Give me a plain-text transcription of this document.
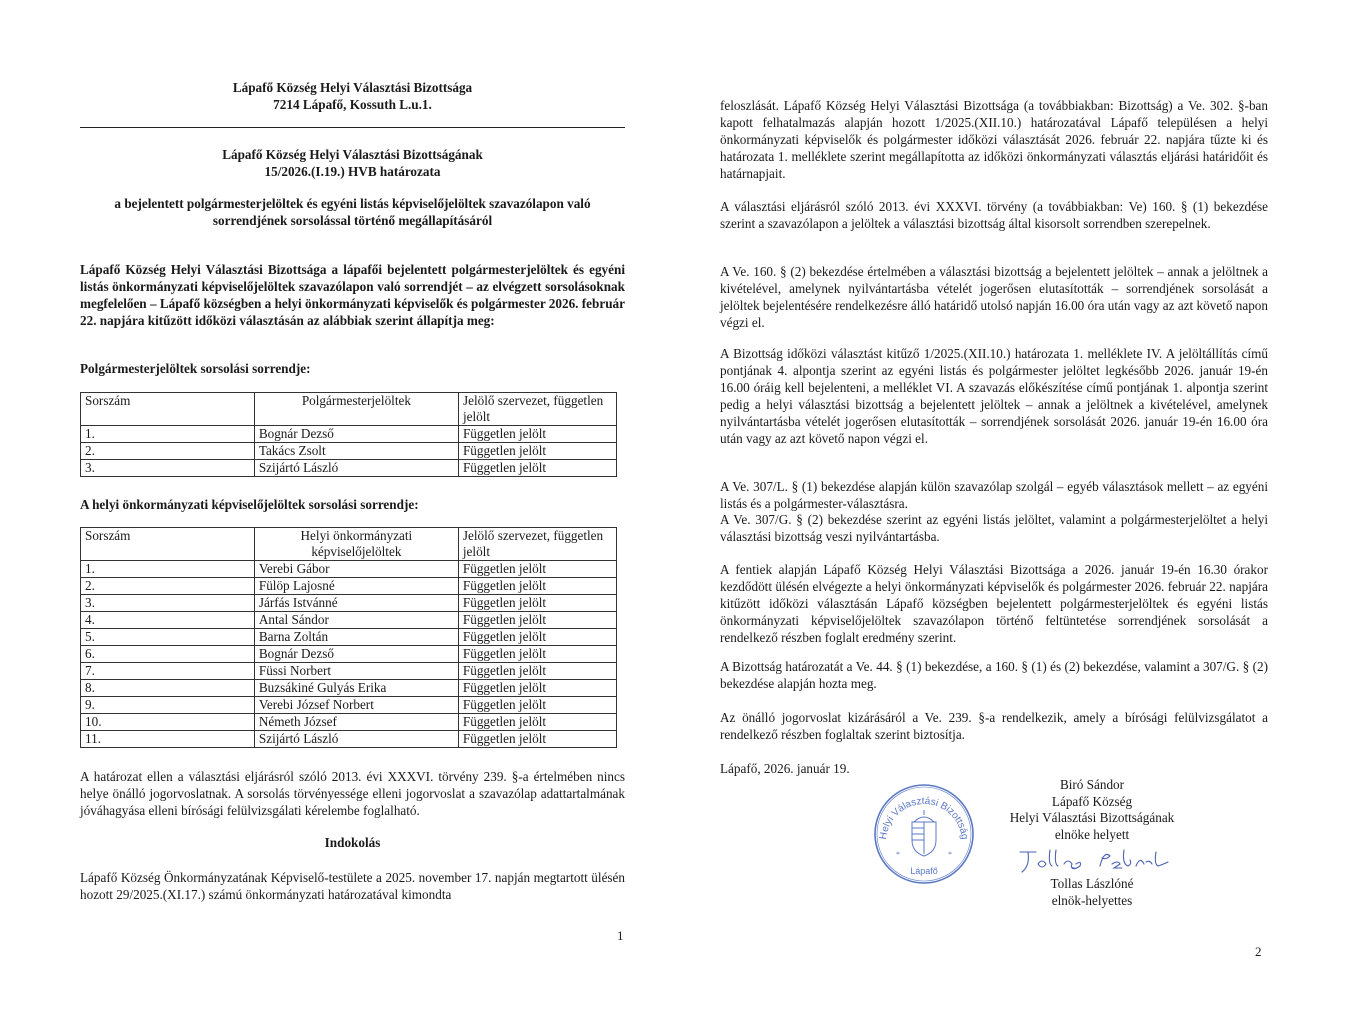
Lápafő Község Helyi Választási Bizottsága
7214 Lápafő, Kossuth L.u.1.
Lápafő Község Helyi Választási Bizottságának
15/2026.(I.19.) HVB határozata
a bejelentett polgármesterjelöltek és egyéni listás képviselőjelöltek szavazólapon való sorrendjének sorsolással történő megállapításáról
Lápafő Község Helyi Választási Bizottsága a lápafői bejelentett polgármesterjelöltek és egyéni listás önkormányzati képviselőjelöltek szavazólapon való sorrendjét – az elvégzett sorsolásoknak megfelelően – Lápafő községben a helyi önkormányzati képviselők és polgármester 2026. február 22. napjára kitűzött időközi választásán az alábbiak szerint állapítja meg:
Polgármesterjelöltek sorsolási sorrendje:
Sorszám	Polgármesterjelöltek	Jelölő szervezet, független jelölt
1.	Bognár Dezső	Független jelölt
2.	Takács Zsolt	Független jelölt
3.	Szijártó László	Független jelölt
A helyi önkormányzati képviselőjelöltek sorsolási sorrendje:
Sorszám	Helyi önkormányzati képviselőjelöltek	Jelölő szervezet, független jelölt
1.	Verebi Gábor	Független jelölt
2.	Fülöp Lajosné	Független jelölt
3.	Járfás Istvánné	Független jelölt
4.	Antal Sándor	Független jelölt
5.	Barna Zoltán	Független jelölt
6.	Bognár Dezső	Független jelölt
7.	Füssi Norbert	Független jelölt
8.	Buzsákiné Gulyás Erika	Független jelölt
9.	Verebi József Norbert	Független jelölt
10.	Németh József	Független jelölt
11.	Szijártó László	Független jelölt
A határozat ellen a választási eljárásról szóló 2013. évi XXXVI. törvény 239. §-a értelmében nincs helye önálló jogorvoslatnak. A sorsolás törvényessége elleni jogorvoslat a szavazólap adattartalmának jóváhagyása elleni bírósági felülvizsgálati kérelembe foglalható.
Indokolás
Lápafő Község Önkormányzatának Képviselő-testülete a 2025. november 17. napján megtartott ülésén hozott 29/2025.(XI.17.) számú önkormányzati határozatával kimondta
1
feloszlását. Lápafő Község Helyi Választási Bizottsága (a továbbiakban: Bizottság) a Ve. 302. §-ban kapott felhatalmazás alapján hozott 1/2025.(XII.10.) határozatával Lápafő településen a helyi önkormányzati képviselők és polgármester időközi választását 2026. február 22. napjára tűzte ki és határozata 1. melléklete szerint megállapította az időközi önkormányzati választás eljárási határidőit és határnapjait.
A választási eljárásról szóló 2013. évi XXXVI. törvény (a továbbiakban: Ve) 160. § (1) bekezdése szerint a szavazólapon a jelöltek a választási bizottság által kisorsolt sorrendben szerepelnek.
A Ve. 160. § (2) bekezdése értelmében a választási bizottság a bejelentett jelöltek – annak a jelöltnek a kivételével, amelynek nyilvántartásba vételét jogerősen elutasították – sorrendjének sorsolását a jelöltek bejelentésére rendelkezésre álló határidő utolsó napján 16.00 óra után vagy az azt követő napon végzi el.
A Bizottság időközi választást kitűző 1/2025.(XII.10.) határozata 1. melléklete IV. A jelöltállítás című pontjának 4. alpontja szerint az egyéni listás és polgármester jelöltet legkésőbb 2026. január 19-én 16.00 óráig kell bejelenteni, a melléklet VI. A szavazás előkészítése című pontjának 1. alpontja szerint pedig a helyi választási bizottság a bejelentett jelöltek – annak a jelöltnek a kivételével, amelynek nyilvántartásba vételét jogerősen elutasították – sorrendjének sorsolását 2026. január 19-én 16.00 óra után vagy az azt követő napon végzi el.
A Ve. 307/L. § (1) bekezdése alapján külön szavazólap szolgál – egyéb választások mellett – az egyéni listás és a polgármester-választásra.
A Ve. 307/G. § (2) bekezdése szerint az egyéni listás jelöltet, valamint a polgármesterjelöltet a helyi választási bizottság veszi nyilvántartásba.
A fentiek alapján Lápafő Község Helyi Választási Bizottsága a 2026. január 19-én 16.30 órakor kezdődött ülésén elvégezte a helyi önkormányzati képviselők és polgármester 2026. február 22. napjára kitűzött időközi választásán Lápafő községben bejelentett polgármesterjelöltek és egyéni listás önkormányzati képviselőjelöltek szavazólapon történő feltüntetése sorrendjének sorsolását a rendelkező részben foglalt eredmény szerint.
A Bizottság határozatát a Ve. 44. § (1) bekezdése, a 160. § (1) és (2) bekezdése, valamint a 307/G. § (2) bekezdése alapján hozta meg.
Az önálló jogorvoslat kizárásáról a Ve. 239. §-a rendelkezik, amely a bírósági felülvizsgálatot a rendelkező részben foglaltak szerint biztosítja.
Lápafő, 2026. január 19.
Helyi Választási Bizottság
*	*
Lápafő
Biró Sándor
Lápafő Község
Helyi Választási Bizottságának
elnöke helyett
Tollas Lászlóné
elnök-helyettes
2
